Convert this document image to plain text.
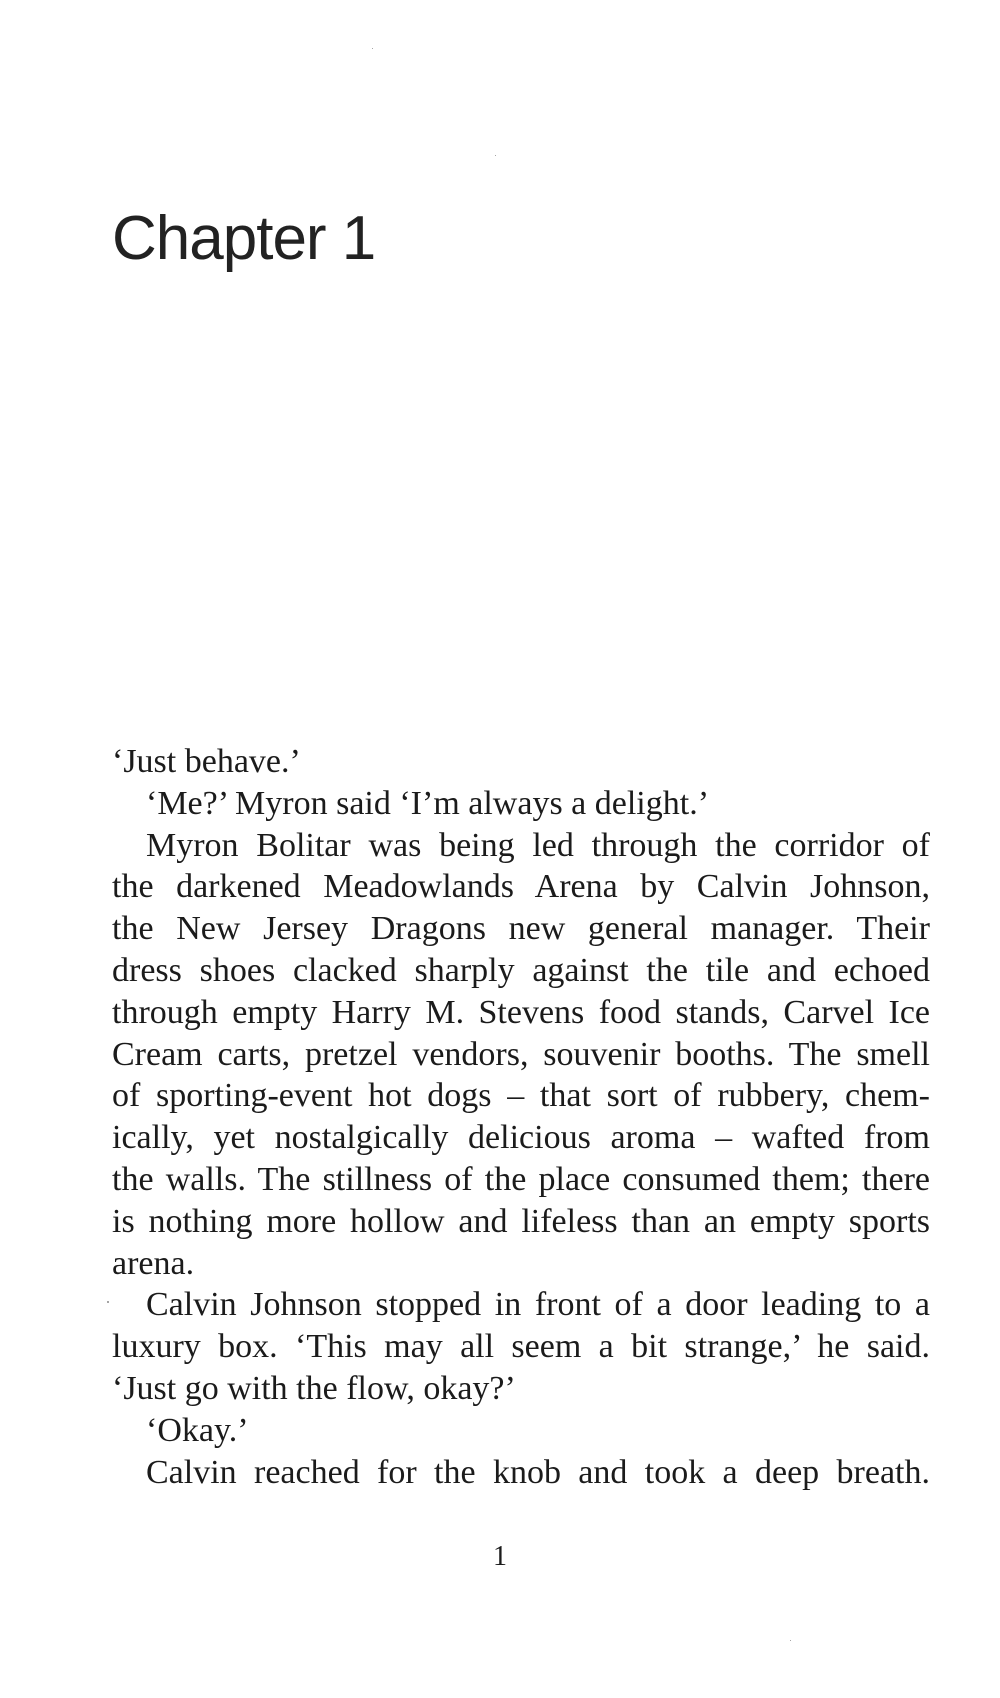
Chapter 1
‘Just behave.’
‘Me?’ Myron said ‘I’m always a delight.’
Myron Bolitar was being led through the corridor of
the darkened Meadowlands Arena by Calvin Johnson,
the New Jersey Dragons new general manager. Their
dress shoes clacked sharply against the tile and echoed
through empty Harry M. Stevens food stands, Carvel Ice
Cream carts, pretzel vendors, souvenir booths. The smell
of sporting-event hot dogs – that sort of rubbery, chem-
ically, yet nostalgically delicious aroma – wafted from
the walls. The stillness of the place consumed them; there
is nothing more hollow and lifeless than an empty sports
arena.
Calvin Johnson stopped in front of a door leading to a
luxury box. ‘This may all seem a bit strange,’ he said.
‘Just go with the flow, okay?’
‘Okay.’
Calvin reached for the knob and took a deep breath.
1
